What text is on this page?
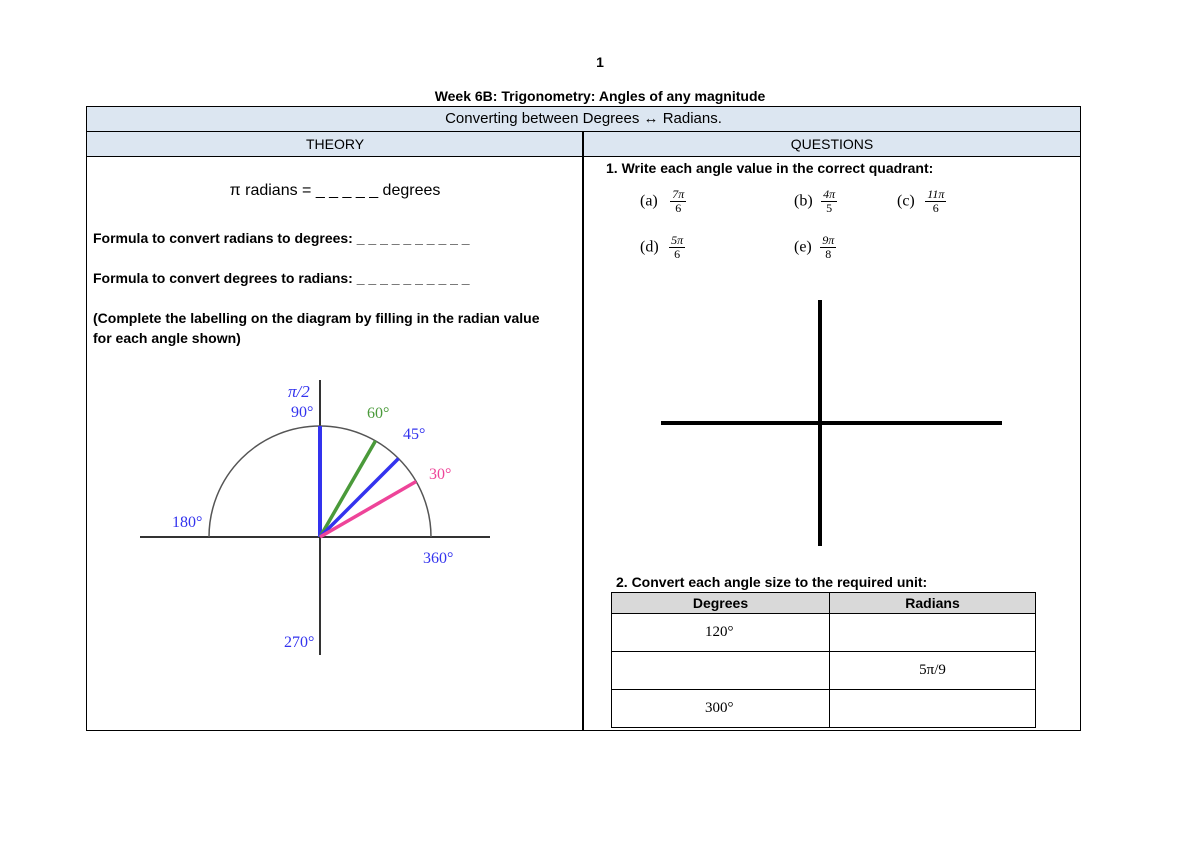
1
Week 6B: Trigonometry: Angles of any magnitude
Converting between Degrees ↔ Radians.
THEORY	QUESTIONS
π radians = _ _ _ _ _ degrees
Formula to convert radians to degrees: _ _ _ _ _ _ _ _ _ _
Formula to convert degrees to radians: _ _ _ _ _ _ _ _ _ _
(Complete the labelling on the diagram by filling in the radian value
for each angle shown)
π/2
90°	60°
45°
30°
180°
360°
270°
1. Write each angle value in the correct quadrant:
$(a) \frac{7\pi}{6}$	$(b) \frac{4\pi}{5}$	$(c) \frac{11\pi}{6}$
$(d) \frac{5\pi}{6}$	$(e) \frac{9\pi}{8}$
2. Convert each angle size to the required unit:
Degrees	Radians
120°	
	5π/9
300°	
